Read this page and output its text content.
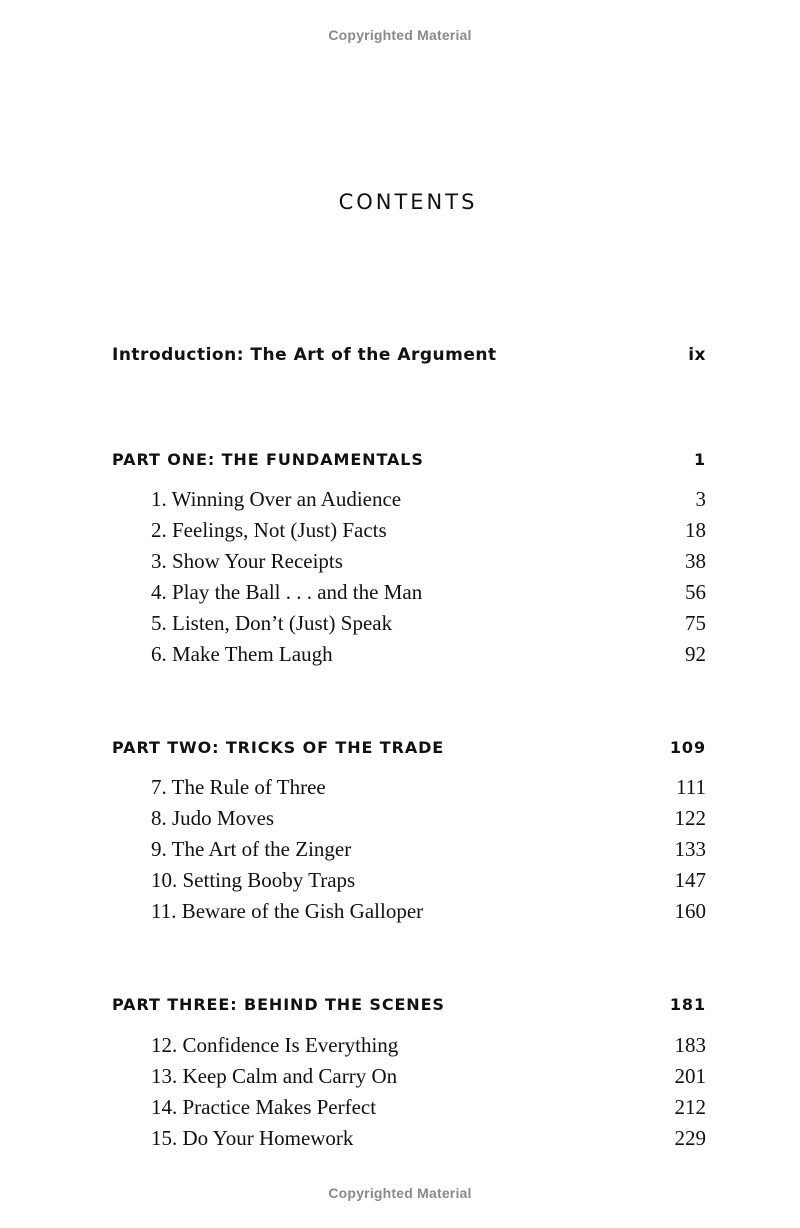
Copyrighted Material
CONTENTS
Introduction: The Art of the Argument	ix
PART ONE: THE FUNDAMENTALS	1
1. Winning Over an Audience	3
2. Feelings, Not (Just) Facts	18
3. Show Your Receipts	38
4. Play the Ball . . . and the Man	56
5. Listen, Don’t (Just) Speak	75
6. Make Them Laugh	92
PART TWO: TRICKS OF THE TRADE	109
7. The Rule of Three	111
8. Judo Moves	122
9. The Art of the Zinger	133
10. Setting Booby Traps	147
11. Beware of the Gish Galloper	160
PART THREE: BEHIND THE SCENES	181
12. Confidence Is Everything	183
13. Keep Calm and Carry On	201
14. Practice Makes Perfect	212
15. Do Your Homework	229
Copyrighted Material
